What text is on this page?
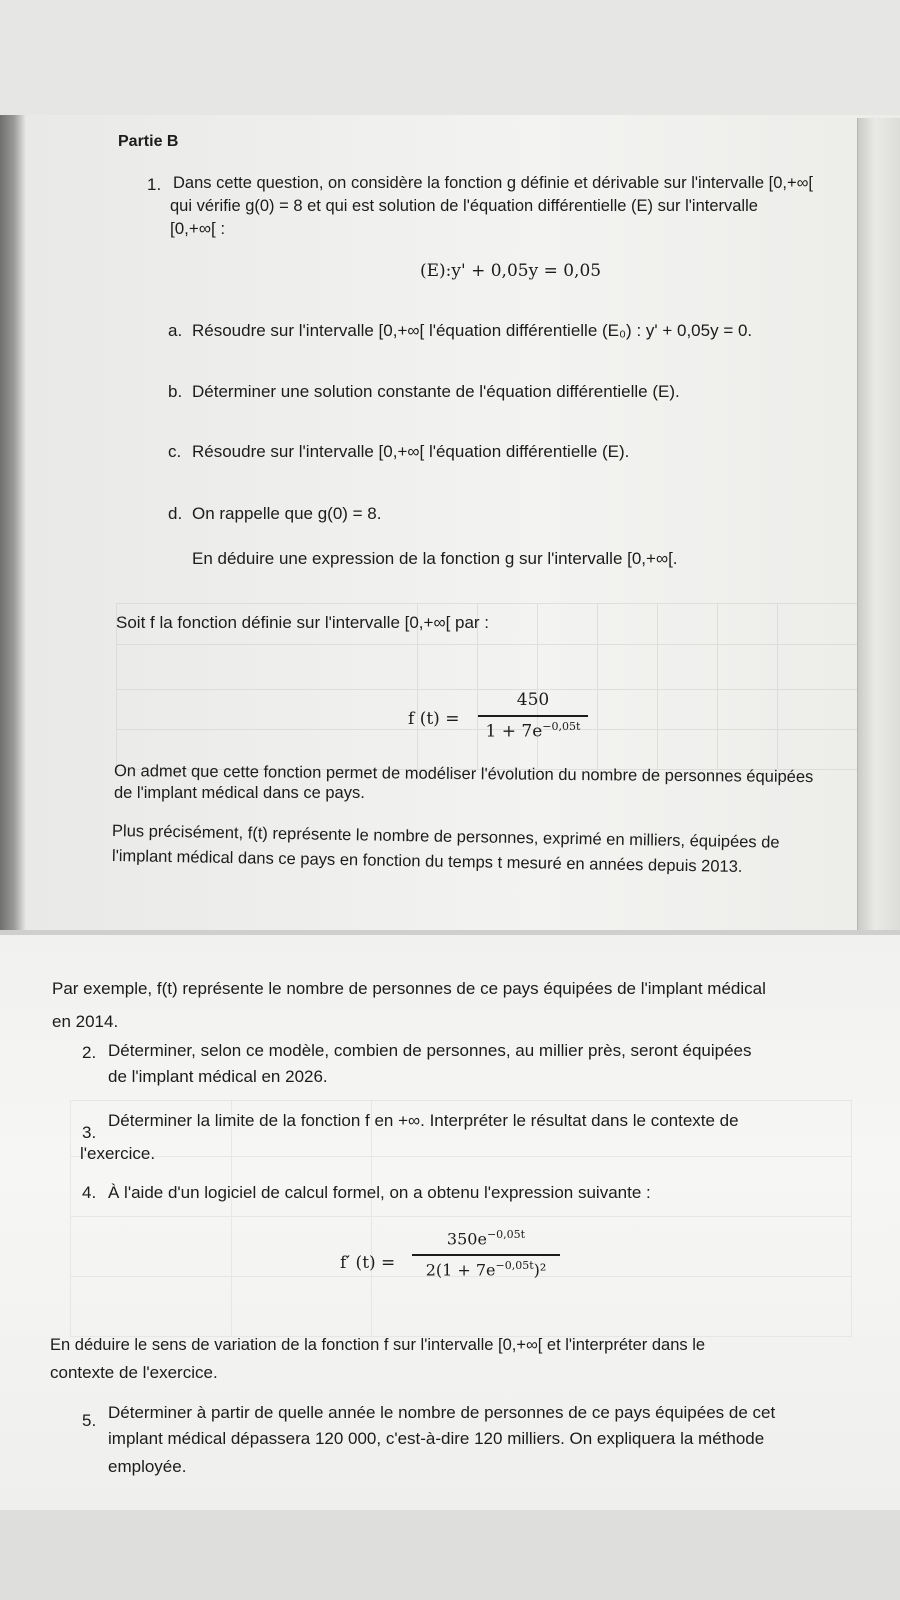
Partie B
1. Dans cette question, on considère la fonction g définie et dérivable sur l'intervalle [0,+∞[
qui vérifie g(0) = 8 et qui est solution de l'équation différentielle (E) sur l'intervalle
[0,+∞[ :
(E):y' + 0,05y = 0,05
a. Résoudre sur l'intervalle [0,+∞[ l'équation différentielle (E₀) : y' + 0,05y = 0.
b. Déterminer une solution constante de l'équation différentielle (E).
c. Résoudre sur l'intervalle [0,+∞[ l'équation différentielle (E).
d. On rappelle que g(0) = 8.
En déduire une expression de la fonction g sur l'intervalle [0,+∞[.
Soit f la fonction définie sur l'intervalle [0,+∞[ par :
f (t) =
450
$1 + 7e^{-0,05t}$
On admet que cette fonction permet de modéliser l'évolution du nombre de personnes équipées
de l'implant médical dans ce pays.
Plus précisément, f(t) représente le nombre de personnes, exprimé en milliers, équipées de
l'implant médical dans ce pays en fonction du temps t mesuré en années depuis 2013.
Par exemple, f(t) représente le nombre de personnes de ce pays équipées de l'implant médical
en 2014.
2. Déterminer, selon ce modèle, combien de personnes, au millier près, seront équipées
de l'implant médical en 2026.
3.
Déterminer la limite de la fonction f en +∞. Interpréter le résultat dans le contexte de
l'exercice.
4. À l'aide d'un logiciel de calcul formel, on a obtenu l'expression suivante :
f′ (t) =
$350e^{-0,05t}$
$2(1 + 7e^{-0,05t})^2$
En déduire le sens de variation de la fonction f sur l'intervalle [0,+∞[ et l'interpréter dans le
contexte de l'exercice.
5. Déterminer à partir de quelle année le nombre de personnes de ce pays équipées de cet
implant médical dépassera 120 000, c'est-à-dire 120 milliers. On expliquera la méthode
employée.
